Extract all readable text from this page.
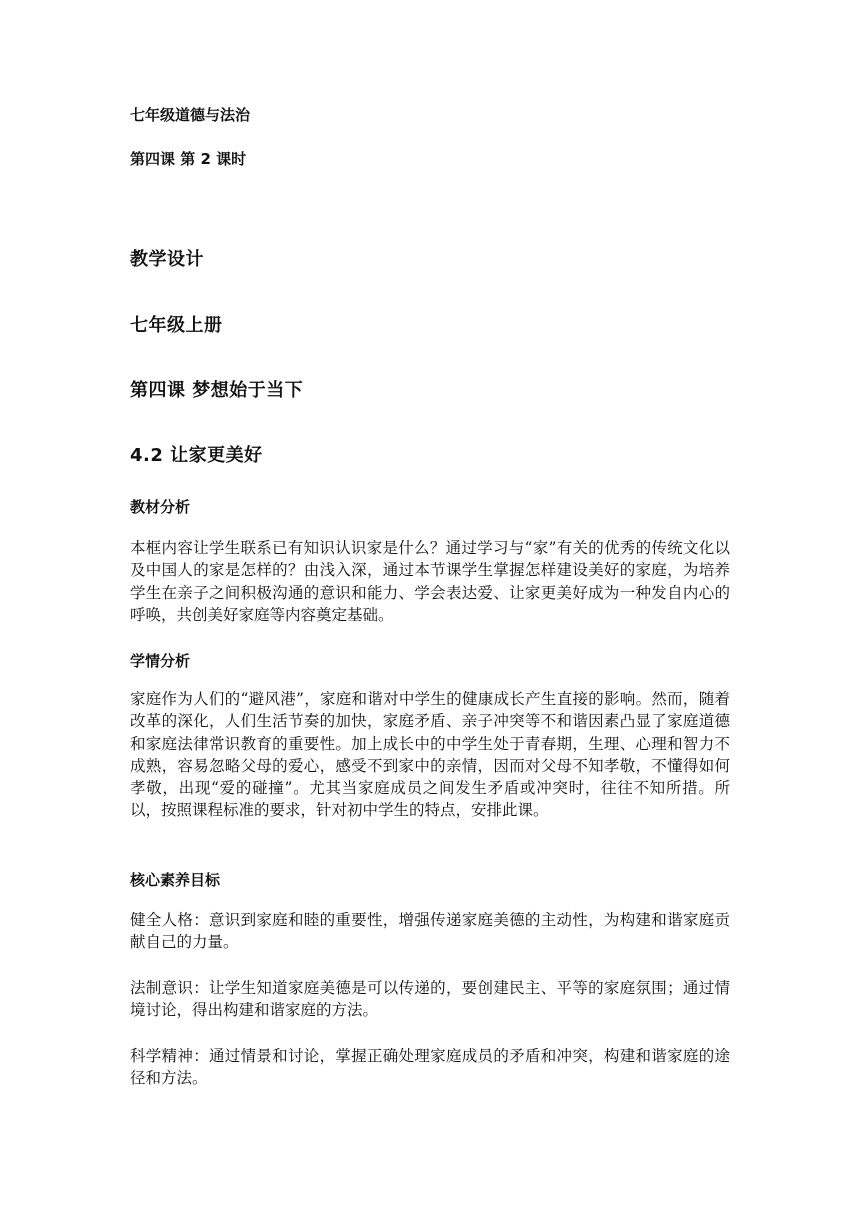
七年级道德与法治
第四课 第 2 课时
教学设计
七年级上册
第四课 梦想始于当下
4.2 让家更美好
教材分析

本框内容让学生联系已有知识认识家是什么？通过学习与“家”有关的优秀的传统文化以及中国人的家是怎样的？由浅入深，通过本节课学生掌握怎样建设美好的家庭，为培养学生在亲子之间积极沟通的意识和能力、学会表达爱、让家更美好成为一种发自内心的呼唤，共创美好家庭等内容奠定基础。

学情分析

家庭作为人们的“避风港”，家庭和谐对中学生的健康成长产生直接的影响。然而，随着改革的深化，人们生活节奏的加快，家庭矛盾、亲子冲突等不和谐因素凸显了家庭道德和家庭法律常识教育的重要性。加上成长中的中学生处于青春期，生理、心理和智力不成熟，容易忽略父母的爱心，感受不到家中的亲情，因而对父母不知孝敬，不懂得如何孝敬，出现“爱的碰撞”。尤其当家庭成员之间发生矛盾或冲突时，往往不知所措。所以，按照课程标准的要求，针对初中学生的特点，安排此课。

核心素养目标

健全人格：意识到家庭和睦的重要性，增强传递家庭美德的主动性，为构建和谐家庭贡献自己的力量。

法制意识：让学生知道家庭美德是可以传递的，要创建民主、平等的家庭氛围；通过情境讨论，得出构建和谐家庭的方法。

科学精神：通过情景和讨论，掌握正确处理家庭成员的矛盾和冲突，构建和谐家庭的途径和方法。
